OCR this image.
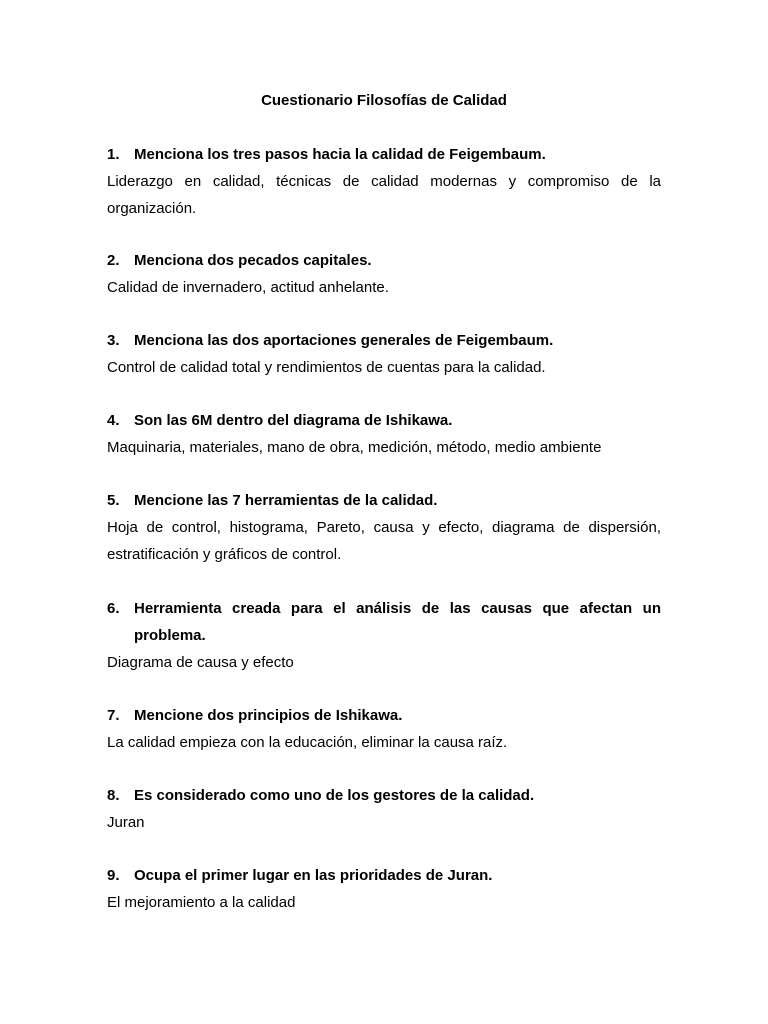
Cuestionario Filosofías de Calidad
1. Menciona los tres pasos hacia la calidad de Feigembaum.
Liderazgo en calidad, técnicas de calidad modernas y compromiso de la organización.
2. Menciona dos pecados capitales.
Calidad de invernadero, actitud anhelante.
3. Menciona las dos aportaciones generales de Feigembaum.
Control de calidad total y rendimientos de cuentas para la calidad.
4. Son las 6M dentro del diagrama de Ishikawa.
Maquinaria, materiales, mano de obra, medición, método, medio ambiente
5. Mencione las 7 herramientas de la calidad.
Hoja de control, histograma, Pareto, causa y efecto, diagrama de dispersión, estratificación y gráficos de control.
6. Herramienta creada para el análisis de las causas que afectan un problema.
Diagrama de causa y efecto
7. Mencione dos principios de Ishikawa.
La calidad empieza con la educación, eliminar la causa raíz.
8. Es considerado como uno de los gestores de la calidad.
Juran
9. Ocupa el primer lugar en las prioridades de Juran.
El mejoramiento a la calidad
